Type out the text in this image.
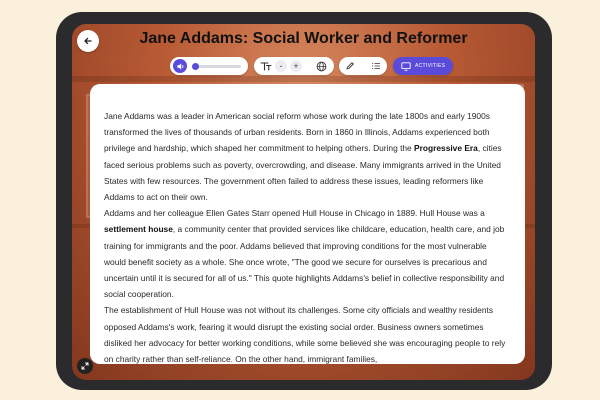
Jane Addams: Social Worker and Reformer
-	+	ACTIVITIES

Jane Addams was a leader in American social reform whose work during the late 1800s and early 1900s transformed the lives of thousands of urban residents. Born in 1860 in Illinois, Addams experienced both privilege and hardship, which shaped her commitment to helping others. During the Progressive Era, cities faced serious problems such as poverty, overcrowding, and disease. Many immigrants arrived in the United States with few resources. The government often failed to address these issues, leading reformers like Addams to act on their own.

Addams and her colleague Ellen Gates Starr opened Hull House in Chicago in 1889. Hull House was a settlement house, a community center that provided services like childcare, education, health care, and job training for immigrants and the poor. Addams believed that improving conditions for the most vulnerable would benefit society as a whole. She once wrote, "The good we secure for ourselves is precarious and uncertain until it is secured for all of us." This quote highlights Addams's belief in collective responsibility and social cooperation.

The establishment of Hull House was not without its challenges. Some city officials and wealthy residents opposed Addams's work, fearing it would disrupt the existing social order. Business owners sometimes disliked her advocacy for better working conditions, while some believed she was encouraging people to rely on charity rather than self-reliance. On the other hand, immigrant families,
